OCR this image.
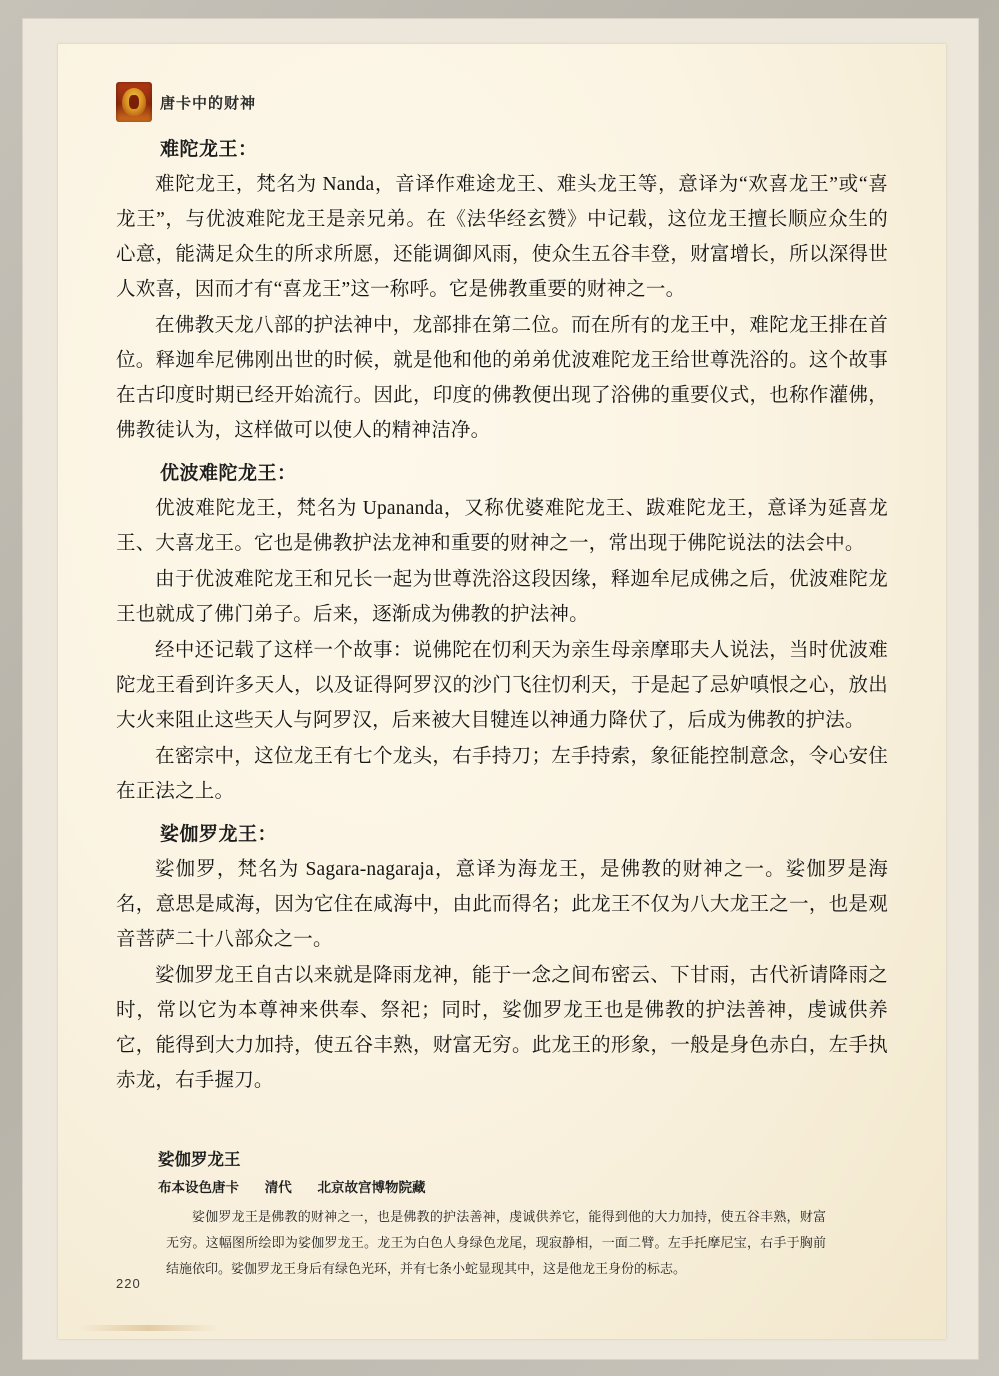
唐卡中的财神
难陀龙王：

难陀龙王，梵名为 Nanda，音译作难途龙王、难头龙王等，意译为“欢喜龙王”或“喜龙王”，与优波难陀龙王是亲兄弟。在《法华经玄赞》中记载，这位龙王擅长顺应众生的心意，能满足众生的所求所愿，还能调御风雨，使众生五谷丰登，财富增长，所以深得世人欢喜，因而才有“喜龙王”这一称呼。它是佛教重要的财神之一。

在佛教天龙八部的护法神中，龙部排在第二位。而在所有的龙王中，难陀龙王排在首位。释迦牟尼佛刚出世的时候，就是他和他的弟弟优波难陀龙王给世尊洗浴的。这个故事在古印度时期已经开始流行。因此，印度的佛教便出现了浴佛的重要仪式，也称作灌佛，佛教徒认为，这样做可以使人的精神洁净。

优波难陀龙王：

优波难陀龙王，梵名为 Upananda，又称优婆难陀龙王、跋难陀龙王，意译为延喜龙王、大喜龙王。它也是佛教护法龙神和重要的财神之一，常出现于佛陀说法的法会中。

由于优波难陀龙王和兄长一起为世尊洗浴这段因缘，释迦牟尼成佛之后，优波难陀龙王也就成了佛门弟子。后来，逐渐成为佛教的护法神。

经中还记载了这样一个故事：说佛陀在忉利天为亲生母亲摩耶夫人说法，当时优波难陀龙王看到许多天人，以及证得阿罗汉的沙门飞往忉利天，于是起了忌妒嗔恨之心，放出大火来阻止这些天人与阿罗汉，后来被大目犍连以神通力降伏了，后成为佛教的护法。

在密宗中，这位龙王有七个龙头，右手持刀；左手持索，象征能控制意念，令心安住在正法之上。

娑伽罗龙王：

娑伽罗，梵名为 Sagara-nagaraja，意译为海龙王，是佛教的财神之一。娑伽罗是海名，意思是咸海，因为它住在咸海中，由此而得名；此龙王不仅为八大龙王之一，也是观音菩萨二十八部众之一。

娑伽罗龙王自古以来就是降雨龙神，能于一念之间布密云、下甘雨，古代祈请降雨之时，常以它为本尊神来供奉、祭祀；同时，娑伽罗龙王也是佛教的护法善神，虔诚供养它，能得到大力加持，使五谷丰熟，财富无穷。此龙王的形象，一般是身色赤白，左手执赤龙，右手握刀。

娑伽罗龙王
布本设色唐卡 清代 北京故宫博物院藏
娑伽罗龙王是佛教的财神之一，也是佛教的护法善神，虔诚供养它，能得到他的大力加持，使五谷丰熟，财富无穷。这幅图所绘即为娑伽罗龙王。龙王为白色人身绿色龙尾，现寂静相，一面二臂。左手托摩尼宝，右手于胸前结施依印。娑伽罗龙王身后有绿色光环，并有七条小蛇显现其中，这是他龙王身份的标志。
220
